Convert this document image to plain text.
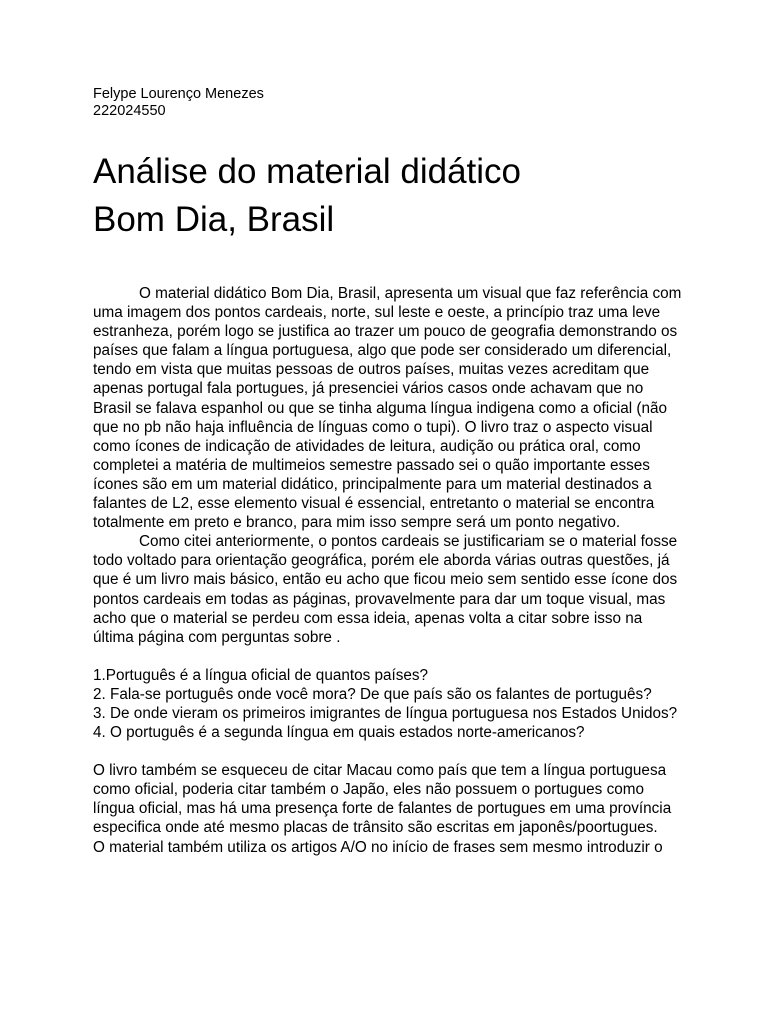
Felype Lourenço Menezes

222024550

Análise do material didático
Bom Dia, Brasil

O material didático Bom Dia, Brasil, apresenta um visual que faz referência com uma imagem dos pontos cardeais, norte, sul leste e oeste, a princípio traz uma leve estranheza, porém logo se justifica ao trazer um pouco de geografia demonstrando os países que falam a língua portuguesa, algo que pode ser considerado um diferencial, tendo em vista que muitas pessoas de outros países, muitas vezes acreditam que apenas portugal fala portugues, já presenciei vários casos onde achavam que no Brasil se falava espanhol ou que se tinha alguma língua indigena como a oficial (não que no pb não haja influência de línguas como o tupi). O livro traz o aspecto visual como ícones de indicação de atividades de leitura, audição ou prática oral, como completei a matéria de multimeios semestre passado sei o quão importante esses ícones são em um material didático, principalmente para um material destinados a falantes de L2, esse elemento visual é essencial, entretanto o material se encontra totalmente em preto e branco, para mim isso sempre será um ponto negativo.

Como citei anteriormente, o pontos cardeais se justificariam se o material fosse todo voltado para orientação geográfica, porém ele aborda várias outras questões, já que é um livro mais básico, então eu acho que ficou meio sem sentido esse ícone dos pontos cardeais em todas as páginas, provavelmente para dar um toque visual, mas acho que o material se perdeu com essa ideia, apenas volta a citar sobre isso na última página com perguntas sobre .

1.Português é a língua oficial de quantos países?

2. Fala-se português onde você mora? De que país são os falantes de português?

3. De onde vieram os primeiros imigrantes de língua portuguesa nos Estados Unidos?

4. O português é a segunda língua em quais estados norte-americanos?

O livro também se esqueceu de citar Macau como país que tem a língua portuguesa como oficial, poderia citar também o Japão, eles não possuem o portugues como língua oficial, mas há uma presença forte de falantes de portugues em uma província especifica onde até mesmo placas de trânsito são escritas em japonês/poortugues.

O material também utiliza os artigos A/O no início de frases sem mesmo introduzir o
